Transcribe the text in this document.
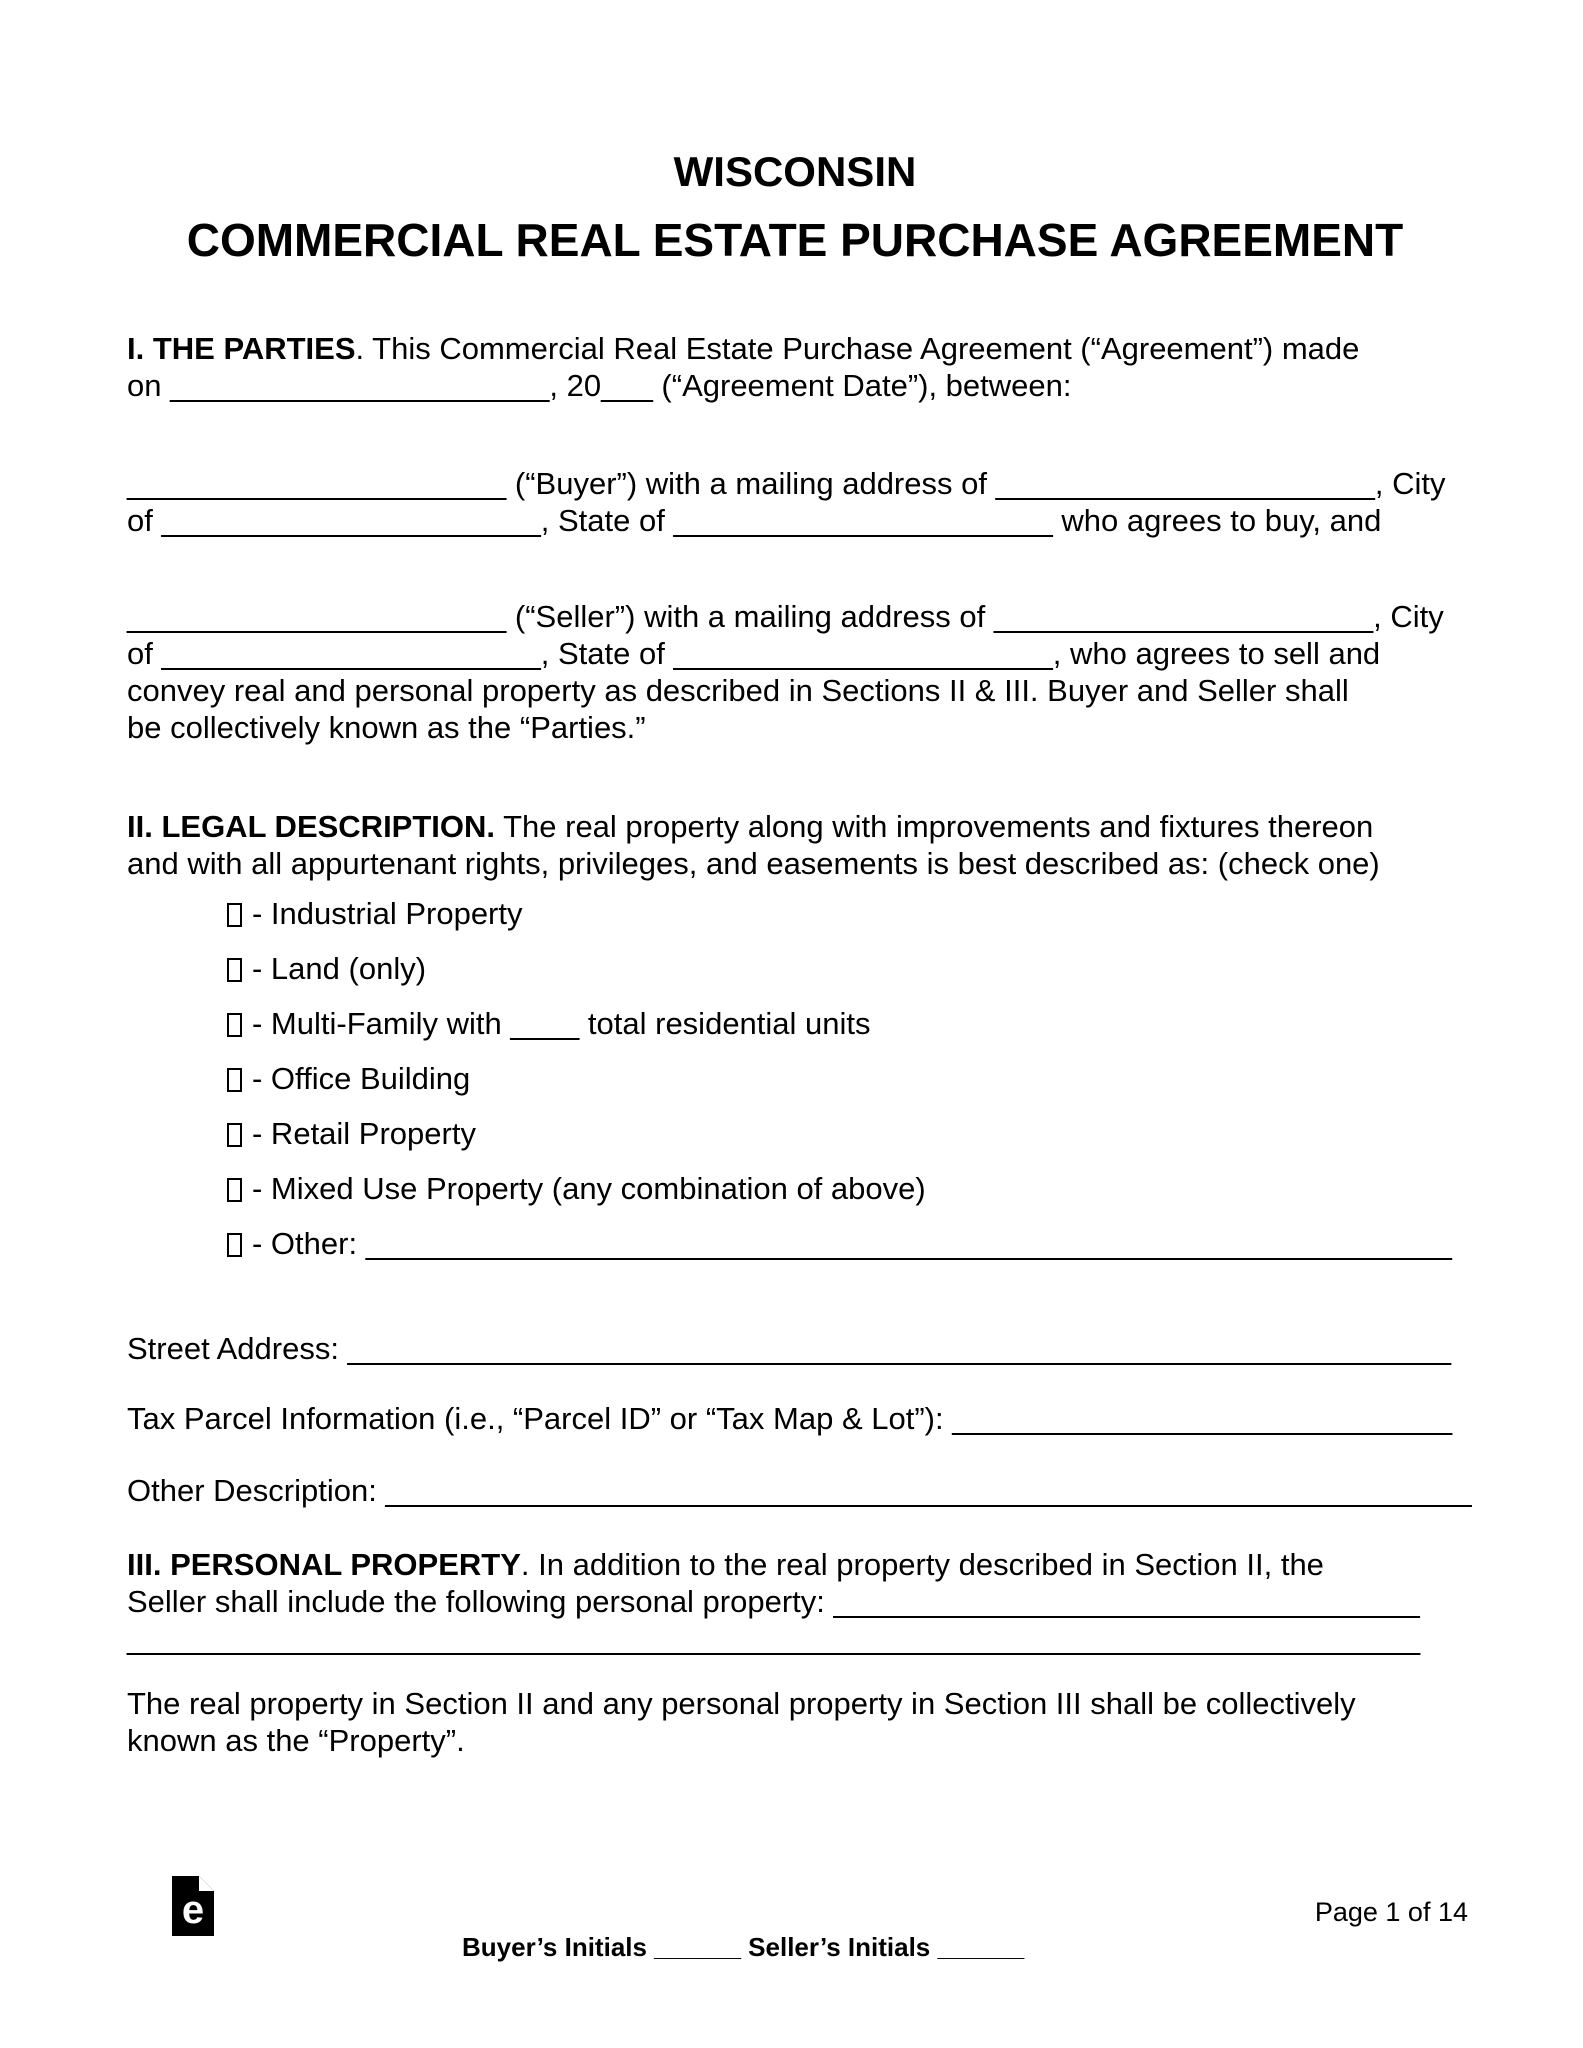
WISCONSIN
COMMERCIAL REAL ESTATE PURCHASE AGREEMENT
I. THE PARTIES. This Commercial Real Estate Purchase Agreement (“Agreement”) made
on ______________________, 20___ (“Agreement Date”), between:
______________________ (“Buyer”) with a mailing address of ______________________, City
of ______________________, State of ______________________ who agrees to buy, and
______________________ (“Seller”) with a mailing address of ______________________, City
of ______________________, State of ______________________, who agrees to sell and
convey real and personal property as described in Sections II & III. Buyer and Seller shall
be collectively known as the “Parties.”
II. LEGAL DESCRIPTION. The real property along with improvements and fixtures thereon
and with all appurtenant rights, privileges, and easements is best described as: (check one)
- Industrial Property
- Land (only)
- Multi-Family with ____ total residential units
- Office Building
- Retail Property
- Mixed Use Property (any combination of above)
- Other: _______________________________________________________________
Street Address: ________________________________________________________________
Tax Parcel Information (i.e., “Parcel ID” or “Tax Map & Lot”): _____________________________
Other Description: _______________________________________________________________
III. PERSONAL PROPERTY. In addition to the real property described in Section II, the
Seller shall include the following personal property: __________________________________
___________________________________________________________________________
The real property in Section II and any personal property in Section III shall be collectively
known as the “Property”.
e	Page 1 of 14
Buyer’s Initials ______ Seller’s Initials ______
